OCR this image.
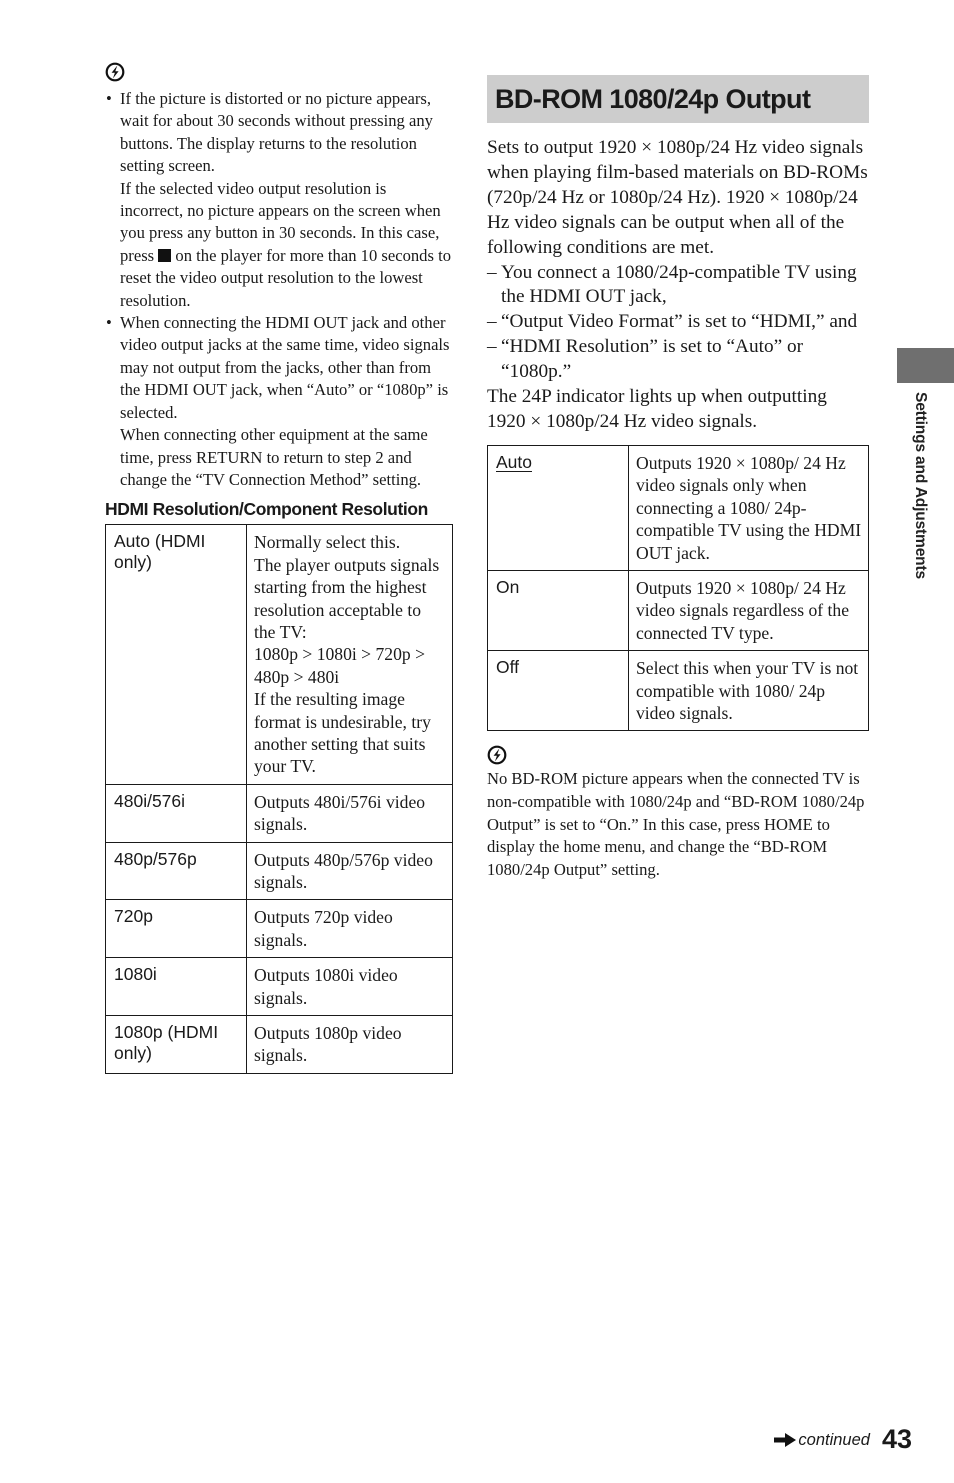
• If the picture is distorted or no picture appears, wait for about 30 seconds without pressing any buttons. The display returns to the resolution setting screen.

If the selected video output resolution is incorrect, no picture appears on the screen when you press any button in 30 seconds. In this case, press on the player for more than 10 seconds to reset the video output resolution to the lowest resolution.

• When connecting the HDMI OUT jack and other video output jacks at the same time, video signals may not output from the jacks, other than from the HDMI OUT jack, when “Auto” or “1080p” is selected.

When connecting other equipment at the same time, press RETURN to return to step 2 and change the “TV Connection Method” setting.

HDMI Resolution/Component Resolution
Auto (HDMI only)	Normally select this.
The player outputs signals starting from the highest resolution acceptable to the TV:
1080p > 1080i > 720p > 480p > 480i
If the resulting image format is undesirable, try another setting that suits your TV.

480i/576i	Outputs 480i/576i video signals.
480p/576p	Outputs 480p/576p video signals.
720p	Outputs 720p video signals.
1080i	Outputs 1080i video signals.
1080p (HDMI only)	Outputs 1080p video signals.
BD-ROM 1080/24p Output

Sets to output 1920 × 1080p/24 Hz video signals when playing film-based materials on BD-ROMs (720p/24 Hz or 1080p/24 Hz). 1920 × 1080p/24 Hz video signals can be output when all of the following conditions are met.

– You connect a 1080/24p-compatible TV using the HDMI OUT jack,
– “Output Video Format” is set to “HDMI,” and
– “HDMI Resolution” is set to “Auto” or “1080p.”

The 24P indicator lights up when outputting 1920 × 1080p/24 Hz video signals.

Auto	Outputs 1920 × 1080p/ 24 Hz video signals only when connecting a 1080/ 24p-compatible TV using the HDMI OUT jack.
On	Outputs 1920 × 1080p/ 24 Hz video signals regardless of the connected TV type.
Off	Select this when your TV is not compatible with 1080/ 24p video signals.

No BD-ROM picture appears when the connected TV is non-compatible with 1080/24p and “BD-ROM 1080/24p Output” is set to “On.” In this case, press HOME to display the home menu, and change the “BD-ROM 1080/24p Output” setting.

Settings and Adjustments
continued 43
